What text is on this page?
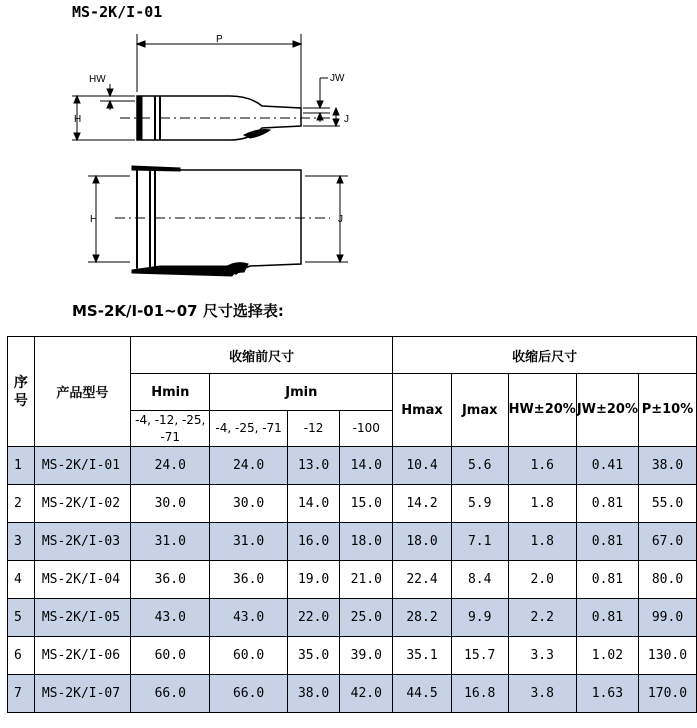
MS-2K/I-01
P
HW
H
JW
J
H	J
MS-2K/I-01~07 尺寸选择表:
序号	产品型号	收缩前尺寸				收缩后尺寸				
		Hmin	Jmin			Hmax	Jmax	HW±20%	JW±20%	P±10%
		-4, -12, -25, -71	-4, -25, -71	-12	-100					
1	MS-2K/I-01	24.0	24.0	13.0	14.0	10.4	5.6	1.6	0.41	38.0
2	MS-2K/I-02	30.0	30.0	14.0	15.0	14.2	5.9	1.8	0.81	55.0
3	MS-2K/I-03	31.0	31.0	16.0	18.0	18.0	7.1	1.8	0.81	67.0
4	MS-2K/I-04	36.0	36.0	19.0	21.0	22.4	8.4	2.0	0.81	80.0
5	MS-2K/I-05	43.0	43.0	22.0	25.0	28.2	9.9	2.2	0.81	99.0
6	MS-2K/I-06	60.0	60.0	35.0	39.0	35.1	15.7	3.3	1.02	130.0
7	MS-2K/I-07	66.0	66.0	38.0	42.0	44.5	16.8	3.8	1.63	170.0
